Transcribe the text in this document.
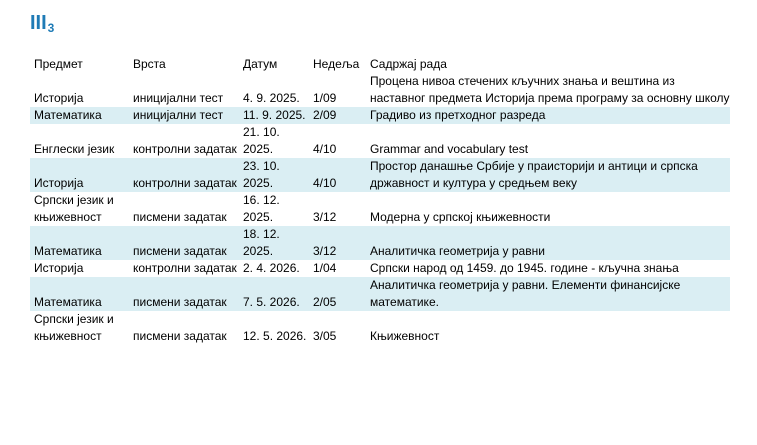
$III_3$
Предмет	Врста	Датум	Недеља	Садржај рада
Историја	иницијални тест	4. 9. 2025.	1/09	Процена нивоа стечених кључних знања и вештина из наставног предмета Историја према програму за основну школу
Математика	иницијални тест	11. 9. 2025.	2/09	Градиво из претходног разреда
Енглески језик	контролни задатак	21. 10. 2025.	4/10	Grammar and vocabulary test
Историја	контролни задатак	23. 10. 2025.	4/10	Простор данашње Србије у праисторији и антици и српска државност и култура у средњем веку
Српски језик и књижевност	писмени задатак	16. 12. 2025.	3/12	Модерна у српској књижевности
Математика	писмени задатак	18. 12. 2025.	3/12	Аналитичка геометрија у равни
Историја	контролни задатак	2. 4. 2026.	1/04	Српски народ од 1459. до 1945. године - кључна знања
Математика	писмени задатак	7. 5. 2026.	2/05	Аналитичка геометрија у равни. Елементи финансијске математике.
Српски језик и књижевност	писмени задатак	12. 5. 2026.	3/05	Књижевност
